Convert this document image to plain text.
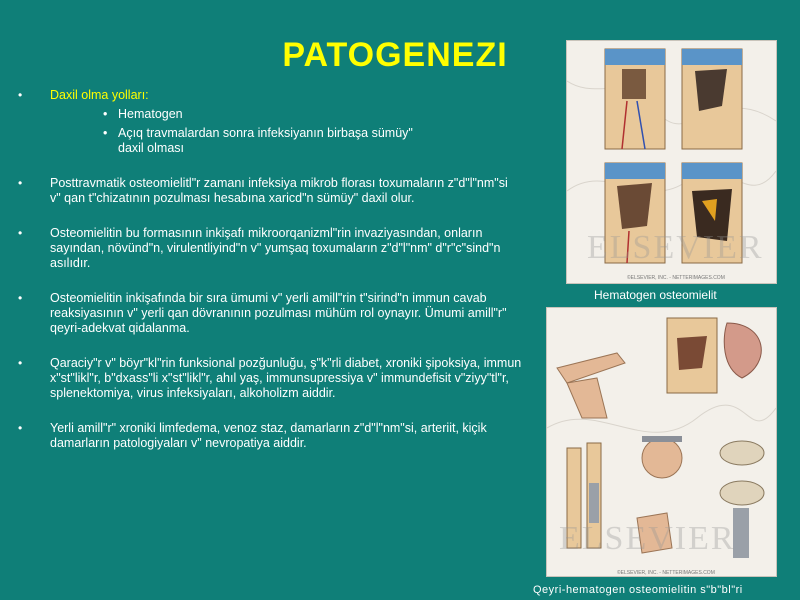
PATOGENEZI
•	Daxil olma yolları:
• Hematogen
• Açıq travmalardan sonra infeksiyanın birbaşa sümüy" daxil olması
•	Posttravmatik osteomielitl"r zamanı infeksiya mikrob florası toxumaların z"d"l"nm"si v" qan t"chizatının pozulması hesabına xaricd"n sümüy" daxil olur.
•	Osteomielitin bu formasının inkişafı mikroorqanizml"rin invaziyasından, onların sayından, növünd"n, virulentliyind"n v" yumşaq toxumaların z"d"l"nm" d"r"c"sind"n asılıdır.
•	Osteomielitin inkişafında bir sıra ümumi v" yerli amill"rin t"sirind"n immun cavab reaksiyasının v" yerli qan dövranının pozulması mühüm rol oynayır. Ümumi amill"r" qeyri-adekvat qidalanma.
•	Qaraciy"r v" böyr"kl"rin funksional pozğunluğu, ş"k"rli diabet, xroniki şipoksiya, immun x"st"likl"r, b"dxass"li x"st"likl"r, ahıl yaş, immunsupressiya v" immundefisit v"ziyy"tl"r, splenektomiya, virus infeksiyaları, alkoholizm aiddir.
•	Yerli amill"r" xroniki limfedema, venoz staz, damarların z"d"l"nm"si, arteriit, kiçik damarların patologiyaları v" nevropatiya aiddir.
ELSEVIER
©ELSEVIER, INC. - NETTERIMAGES.COM
Hematogen osteomielit
ELSEVIER
©ELSEVIER, INC. - NETTERIMAGES.COM
Qeyri-hematogen osteomielitin s"b"bl"ri
